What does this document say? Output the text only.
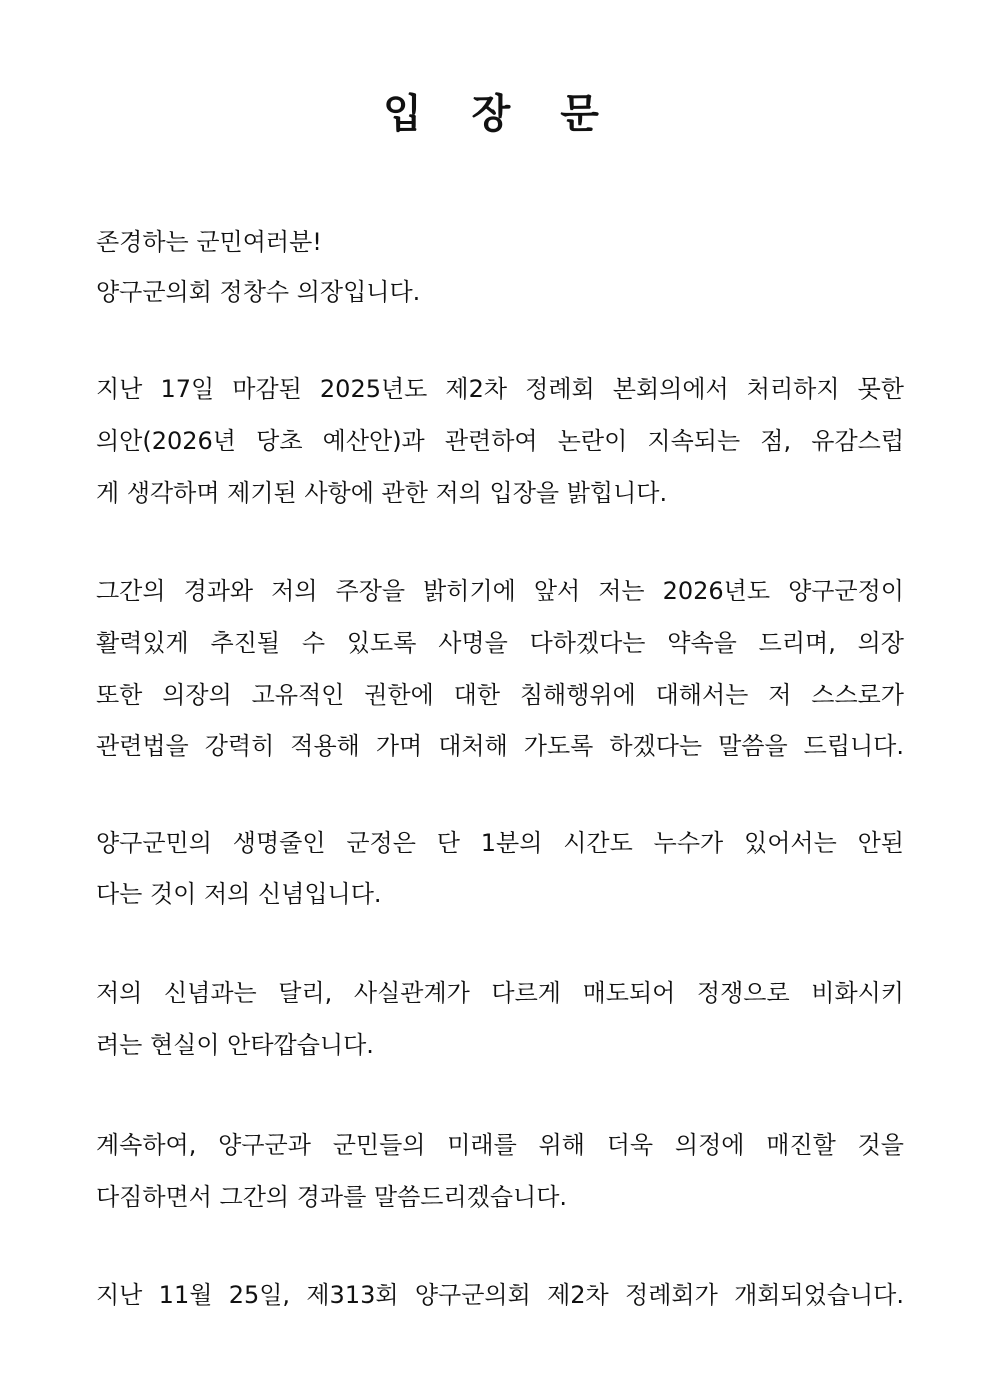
입 장 문
존경하는 군민여러분!
양구군의회 정창수 의장입니다.
지난 17일 마감된 2025년도 제2차 정례회 본회의에서 처리하지 못한
의안(2026년 당초 예산안)과 관련하여 논란이 지속되는 점, 유감스럽
게 생각하며 제기된 사항에 관한 저의 입장을 밝힙니다.
그간의 경과와 저의 주장을 밝히기에 앞서 저는 2026년도 양구군정이
활력있게 추진될 수 있도록 사명을 다하겠다는 약속을 드리며, 의장
또한 의장의 고유적인 권한에 대한 침해행위에 대해서는 저 스스로가
관련법을 강력히 적용해 가며 대처해 가도록 하겠다는 말씀을 드립니다.
양구군민의 생명줄인 군정은 단 1분의 시간도 누수가 있어서는 안된
다는 것이 저의 신념입니다.
저의 신념과는 달리, 사실관계가 다르게 매도되어 정쟁으로 비화시키
려는 현실이 안타깝습니다.
계속하여, 양구군과 군민들의 미래를 위해 더욱 의정에 매진할 것을
다짐하면서 그간의 경과를 말씀드리겠습니다.
지난 11월 25일, 제313회 양구군의회 제2차 정례회가 개회되었습니다.
